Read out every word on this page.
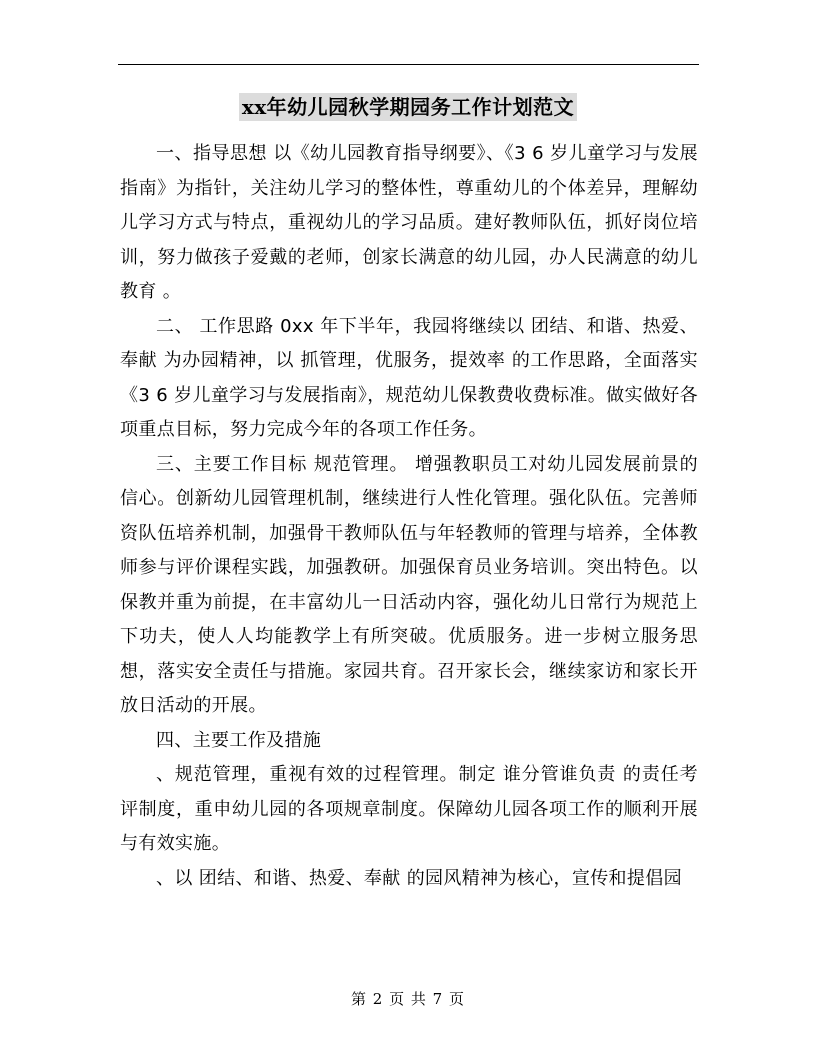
xx年幼儿园秋学期园务工作计划范文

一、指导思想 以《幼儿园教育指导纲要》、《3 6 岁儿童学习与发展指南》为指针，关注幼儿学习的整体性，尊重幼儿的个体差异，理解幼儿学习方式与特点，重视幼儿的学习品质。建好教师队伍，抓好岗位培训，努力做孩子爱戴的老师，创家长满意的幼儿园，办人民满意的幼儿教育 。

二、 工作思路 0xx 年下半年，我园将继续以 团结、和谐、热爱、奉献 为办园精神，以 抓管理，优服务，提效率 的工作思路，全面落实《3 6 岁儿童学习与发展指南》，规范幼儿保教费收费标准。做实做好各项重点目标，努力完成今年的各项工作任务。

三、主要工作目标 规范管理。 增强教职员工对幼儿园发展前景的信心。创新幼儿园管理机制，继续进行人性化管理。强化队伍。完善师资队伍培养机制，加强骨干教师队伍与年轻教师的管理与培养，全体教师参与评价课程实践，加强教研。加强保育员业务培训。突出特色。以保教并重为前提，在丰富幼儿一日活动内容，强化幼儿日常行为规范上下功夫，使人人均能教学上有所突破。优质服务。进一步树立服务思想，落实安全责任与措施。家园共育。召开家长会，继续家访和家长开放日活动的开展。

四、主要工作及措施

、规范管理，重视有效的过程管理。制定 谁分管谁负责 的责任考评制度，重申幼儿园的各项规章制度。保障幼儿园各项工作的顺利开展与有效实施。

、以 团结、和谐、热爱、奉献 的园风精神为核心，宣传和提倡园

第 2 页 共 7 页
